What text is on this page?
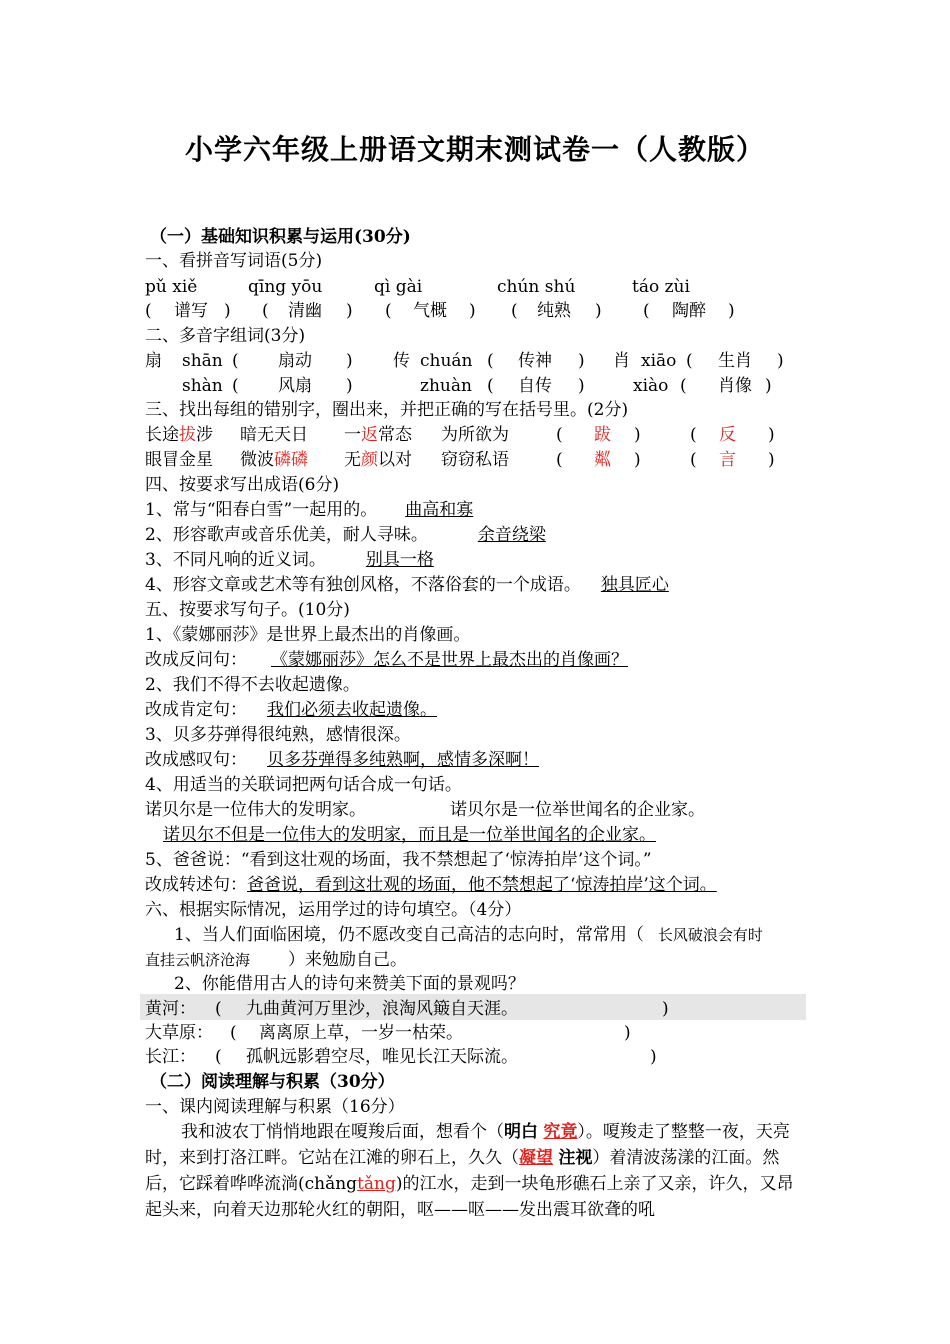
小学六年级上册语文期末测试卷一（人教版）
（一）基础知识积累与运用(30分)
一、看拼音写词语(5分)
pǔ xiě	qīng yōu	qì gài	chún shú	táo zùi
( 谱写 ) ( 清幽 ) ( 气概 ) ( 纯熟 ) ( 陶醉 )
二、多音字组词(3分)
扇 shān ( 扇动 ) 传 chuán ( 传神 ) 肖 xiāo ( 生肖 )
shàn ( 风扇 )	zhuàn ( 自传 )	xiào ( 肖像 )
三、找出每组的错别字，圈出来，并把正确的写在括号里。(2分)
长途拔涉 暗无天日 一返常态 为所欲为	( 跋 )	( 反 )
眼冒金星 微波磷磷 无颜以对 窃窃私语	( 粼 )	( 言 )
四、按要求写出成语(6分)
1、常与“阳春白雪”一起用的。 曲高和寡
2、形容歌声或音乐优美，耐人寻味。	余音绕梁
3、不同凡响的近义词。 别具一格
4、形容文章或艺术等有独创风格，不落俗套的一个成语。 独具匠心
五、按要求写句子。(10分)
1、《蒙娜丽莎》是世界上最杰出的肖像画。
改成反问句： 《蒙娜丽莎》怎么不是世界上最杰出的肖像画？
2、我们不得不去收起遗像。
改成肯定句： 我们必须去收起遗像。
3、贝多芬弹得很纯熟，感情很深。
改成感叹句： 贝多芬弹得多纯熟啊，感情多深啊！
4、用适当的关联词把两句话合成一句话。
诺贝尔是一位伟大的发明家。	诺贝尔是一位举世闻名的企业家。
诺贝尔不但是一位伟大的发明家，而且是一位举世闻名的企业家。
5、爸爸说：“看到这壮观的场面，我不禁想起了‘惊涛拍岸’这个词。”
改成转述句：爸爸说，看到这壮观的场面，他不禁想起了‘惊涛拍岸’这个词。
六、根据实际情况，运用学过的诗句填空。（4分）
1、当人们面临困境，仍不愿改变自己高洁的志向时，常常用（ 长风破浪会有时
直挂云帆济沧海 ）来勉励自己。
2、你能借用古人的诗句来赞美下面的景观吗？
黄河： ( 九曲黄河万里沙，浪淘风簸自天涯。	)
大草原： ( 离离原上草，一岁一枯荣。	)
长江： ( 孤帆远影碧空尽，唯见长江天际流。	)
（二）阅读理解与积累（30分）
一、课内阅读理解与积累（16分）
我和波农丁悄悄地跟在嗄羧后面，想看个（明白 究竟）。嗄羧走了整整一夜，天亮时，来到打洛江畔。它站在江滩的卵石上，久久（凝望 注视）着清波荡漾的江面。然后，它踩着哗哗流淌(chǎngtǎng)的江水，走到一块龟形礁石上亲了又亲，许久，又昂起头来，向着天边那轮火红的朝阳，呕——呕——发出震耳欲聋的吼
